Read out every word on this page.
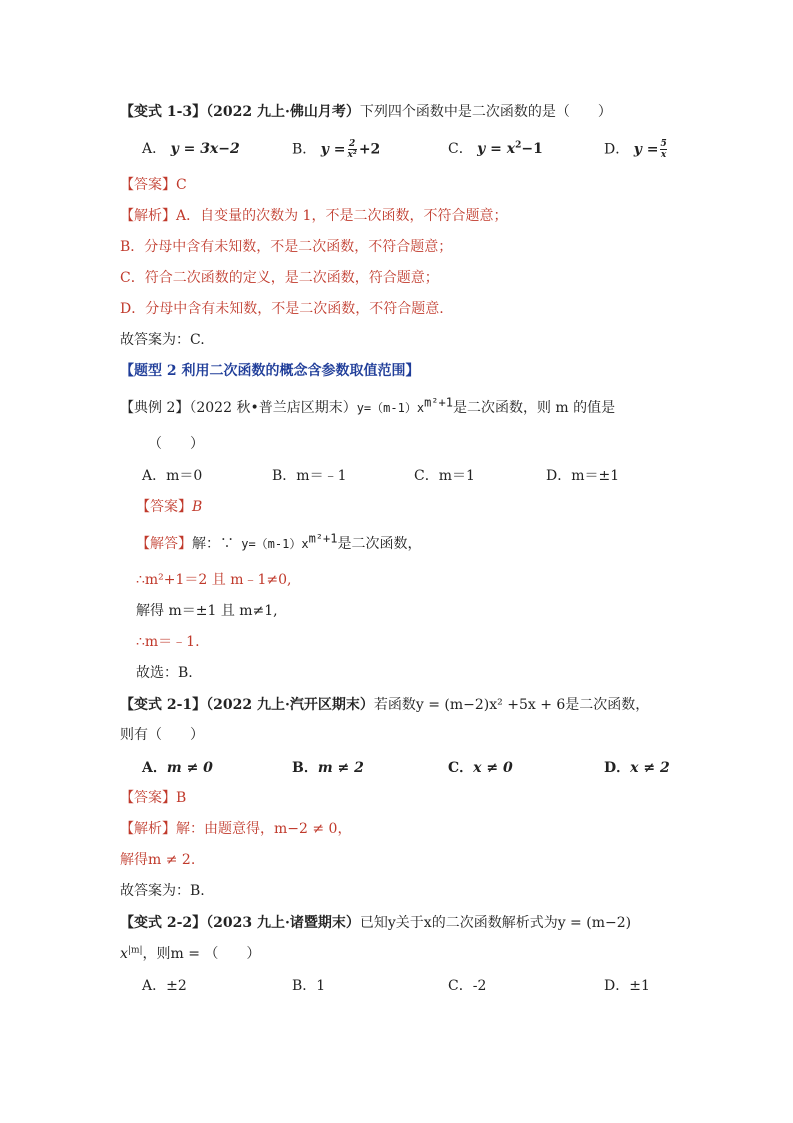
【变式 1-3】（2022 九上·佛山月考）下列四个函数中是二次函数的是（　　）
A． y = 3x−2	B． $y = \frac{2}{\text{x²}} +2$	C． $y = x^2-1$	D． $y = \frac{5}{x}$
【答案】C
【解析】A．自变量的次数为 1，不是二次函数，不符合题意；
B．分母中含有未知数，不是二次函数，不符合题意；
C．符合二次函数的定义，是二次函数，符合题意；
D．分母中含有未知数，不是二次函数，不符合题意.
故答案为：C.
【题型 2 利用二次函数的概念含参数取值范围】
【典例 2】（2022 秋•普兰店区期末）$y=(m-1)x^{m^2+1}$是二次函数，则 m 的值是
（　　）
A．m＝0	B．m＝﹣1	C．m＝1	D．m＝±1
【答案】B
【解答】解：∵ $y=(m-1)x^{m^2+1}$是二次函数，
∴m²+1＝2 且 m﹣1≠0,
解得 m＝±1 且 m≠1,
∴m＝﹣1.
故选：B.
【变式 2-1】（2022 九上·汽开区期末）若函数y = (m−2)x² +5x + 6是二次函数，
则有（　　）
A．m ≠ 0	B．m ≠ 2	C．x ≠ 0	D．x ≠ 2
【答案】B
【解析】解：由题意得，m−2 ≠ 0，
解得m ≠ 2.
故答案为：B.
【变式 2-2】（2023 九上·诸暨期末）已知y关于x的二次函数解析式为y = (m−2)
$x^{|m|}$，则m = （　　）
A．±2	B．1	C．-2	D．±1
